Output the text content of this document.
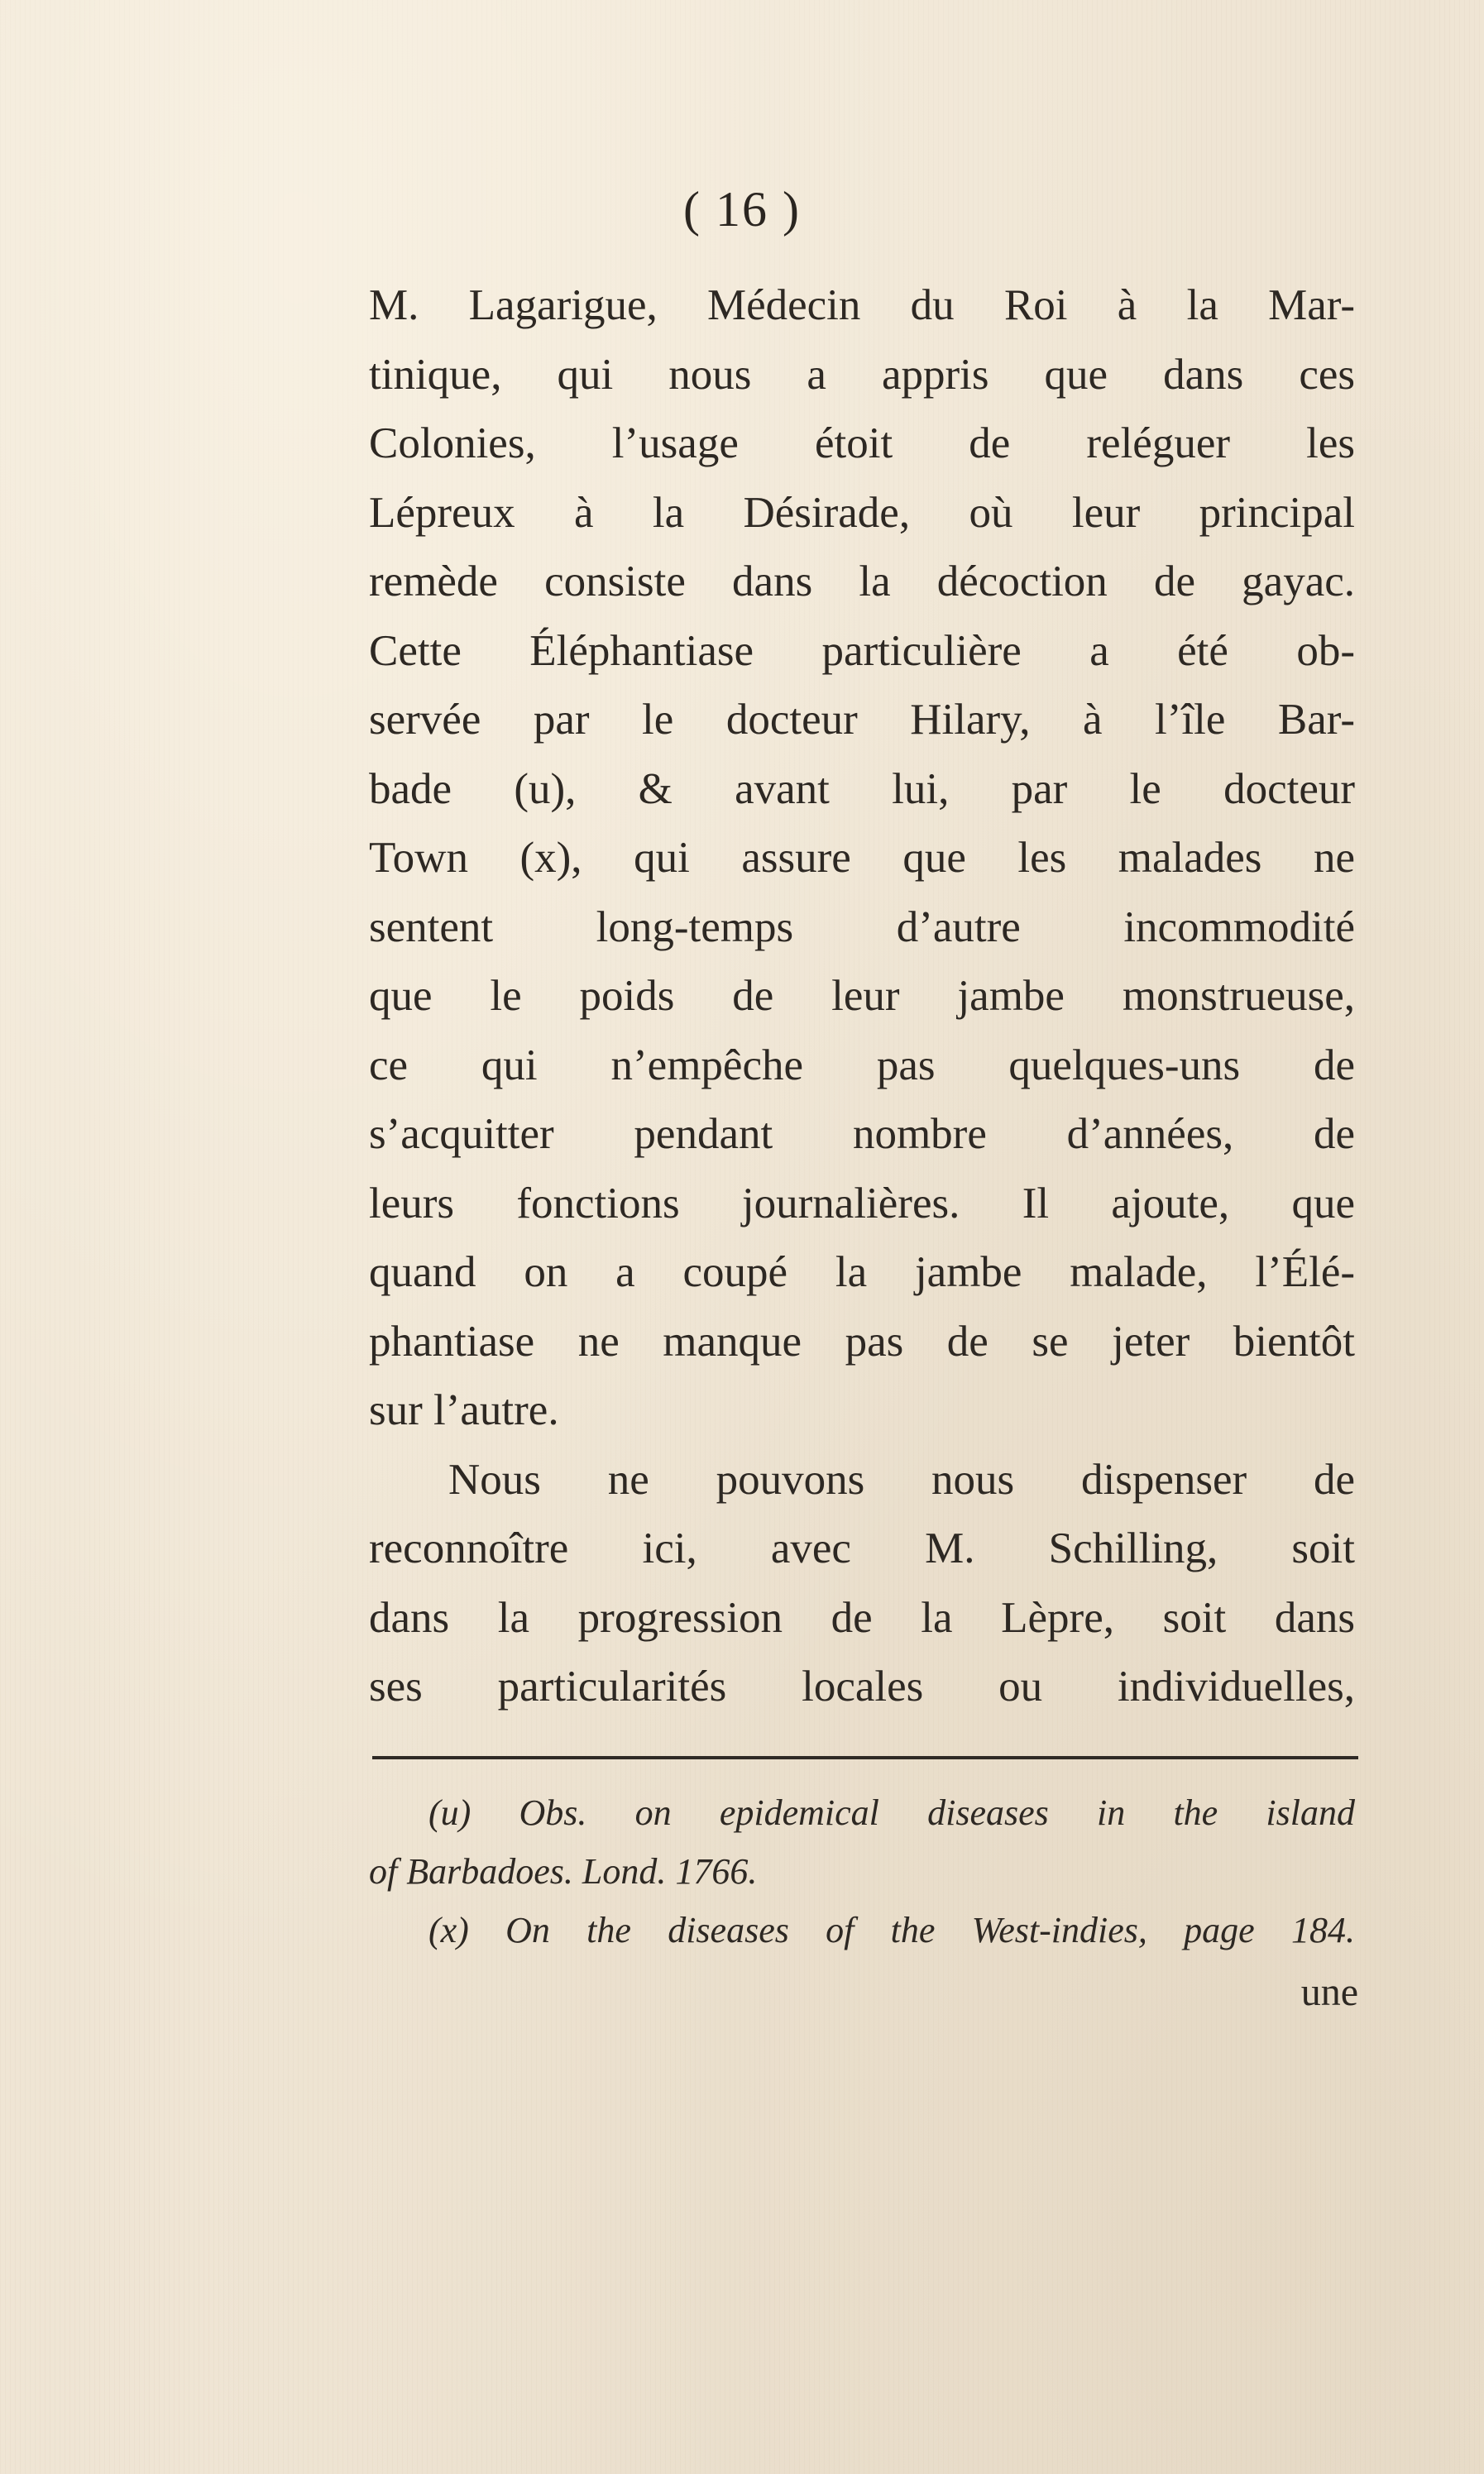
( 16 )
M. Lagarigue, Médecin du Roi à la Mar-
tinique, qui nous a appris que dans ces
Colonies, l’usage étoit de reléguer les
Lépreux à la Désirade, où leur principal
remède consiste dans la décoction de gayac.
Cette Éléphantiase particulière a été ob-
servée par le docteur Hilary, à l’île Bar-
bade (u), & avant lui, par le docteur
Town (x), qui assure que les malades ne
sentent long-temps d’autre incommodité
que le poids de leur jambe monstrueuse,
ce qui n’empêche pas quelques-uns de
s’acquitter pendant nombre d’années, de
leurs fonctions journalières. Il ajoute, que
quand on a coupé la jambe malade, l’Élé-
phantiase ne manque pas de se jeter bientôt
sur l’autre.
Nous ne pouvons nous dispenser de
reconnoître ici, avec M. Schilling, soit
dans la progression de la Lèpre, soit dans
ses particularités locales ou individuelles,
(u) Obs. on epidemical diseases in the island
of Barbadoes. Lond. 1766.
(x) On the diseases of the West-indies, page 184.
une
